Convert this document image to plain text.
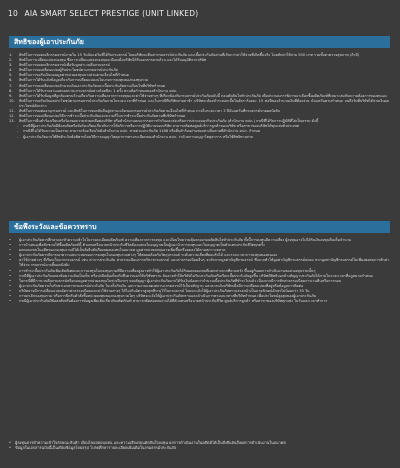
10 AIA SMART SELECT PRESTIGE (UNIT LINKED)
สิทธิของผู้เอาประกันภัย
1. สิทธิในการขอยกเลิกกรมธรรม์ภายใน 15 วันนับแต่วันที่ได้รับกรมธรรม์ โดยบริษัทจะคืนค่ากรมธรรม์ประกันภัย และเบี้ยประกันภัยส่วนที่เกินกว่าค่าใช้จ่ายที่เกิดขึ้นจริง โดยหักค่าใช้จ่าย 500 บาท รวมทั้งค่าตรวจสุขภาพ (ถ้ามี)
2. สิทธิในการเปลี่ยนแปลงกองทุน ซึ่งการเปลี่ยนแปลงกองทุนจะมีผลเมื่อบริษัทได้รับเอกสารครบถ้วน และได้รับอนุมัติจากบริษัท
3. สิทธิในการขอยกเลิกกรมธรรม์เพื่อรับมูลค่าเวนคืนกรมธรรม์
4. สิทธิในการขอเปลี่ยนแปลงผู้รับประโยชน์ตามกรมธรรม์ประกันภัย
5. สิทธิในการขอรับเงินถอนมูลค่าหน่วยลงทุนบางส่วนตามเงื่อนไขที่กำหนด
6. สิทธิในการได้รับแจ้งข้อมูลเกี่ยวกับการเปลี่ยนแปลงนโยบายการลงทุนของกองทุนรวม
7. สิทธิในการขอเปลี่ยนแปลงจำนวนเงินเอาประกันภัยและเบี้ยประกันภัยตามเงื่อนไขที่บริษัทกำหนด
8. สิทธิในการได้รับรายงานแสดงสถานะกรมธรรม์อย่างน้อยปีละ 1 ครั้ง ตามข้อกำหนดของสำนักงาน คปภ.
9. สิทธิในการได้รับข้อมูลที่ถูกต้องครบถ้วนเกี่ยวกับความเสี่ยงจากการลงทุนและค่าใช้จ่ายต่างๆ ที่เกี่ยวข้องกับกรมธรรม์ประกันภัยฉบับนี้ ก่อนตัดสินใจทำประกันภัย เพื่อประกอบการพิจารณาเลือกซื้อผลิตภัณฑ์ที่เหมาะสมกับความต้องการของตนเอง
10. สิทธิในการขอรับเงินผลประโยชน์ตามกรมธรรม์ประกันภัยภายในระยะเวลาที่กำหนด และในกรณีที่บริษัทจ่ายล่าช้า บริษัทจะต้องชำระดอกเบี้ยในอัตราร้อยละ 15 ต่อปีของจำนวนเงินที่ต้องจ่าย นับแต่วันครบกำหนด จนถึงวันที่บริษัทได้จ่ายเงินผลประโยชน์ดังกล่าว
11. สิทธิในการขอต่ออายุกรมธรรม์ และสิทธิในการขอกลับคืนสู่สถานะเดิมของกรมธรรม์ประกันภัยตามเงื่อนไขที่กำหนด ภายในระยะเวลา 3 ปีนับแต่วันที่กรมธรรม์ขาดผลบังคับ
12. สิทธิในการขอเปลี่ยนแปลงวิธีการชำระเบี้ยประกันภัยและความถี่ในการชำระเบี้ยประกันภัยตามที่บริษัทกำหนด
13. สิทธิในการยื่นคำร้องเรียนหรือร้องขอความช่วยเหลือต่อบริษัท หรือสำนักงานคณะกรรมการกำกับและส่งเสริมการประกอบธุรกิจประกันภัย (สำนักงาน คปภ.) กรณีที่ได้รับการปฏิบัติที่ไม่เป็นธรรม ดังนี้
- กรณีที่ผู้เอาประกันภัยมีข้อสงสัยหรือข้อร้องเรียนเกี่ยวกับการให้บริการหรือการปฏิบัติงานของบริษัท สามารถติดต่อศูนย์บริการลูกค้าของบริษัท หรือสาขาของบริษัทได้ทุกแห่งทั่วประเทศ
- กรณีที่ไม่ได้รับความเป็นธรรม สามารถร้องเรียนไปยังสำนักงาน คปภ. สายด่วนประกันภัย 1186 หรือยื่นคำร้องผ่านช่องทางอื่นตามที่สำนักงาน คปภ. กำหนด
- ผู้เอาประกันภัยอาจใช้สิทธิระงับข้อพิพาทโดยวิธีการอนุญาโตตุลาการตามระเบียบของสำนักงาน คปภ. ว่าด้วยการอนุญาโตตุลาการ หรือใช้สิทธิทางศาล
ข้อพึงระวังและข้อควรทราบ
• ผู้เอาประกันภัยควรศึกษาและทำความเข้าใจในรายละเอียดผลิตภัณฑ์ ความเสี่ยงจากการลงทุน และเงื่อนไขความคุ้มครองก่อนตัดสินใจทำประกันภัย ทั้งนี้การลงทุนมีความเสี่ยง ผู้ลงทุนอาจไม่ได้รับเงินลงทุนคืนเต็มจำนวน
• การนำเสนอเพื่อชักชวนให้ซื้อผลิตภัณฑ์นี้ ตัวแทนหรือนายหน้าประกันชีวิตต้องแสดงใบอนุญาตเป็นผู้แนะนำการลงทุนและใบอนุญาตเป็นตัวแทนประกันชีวิตทุกครั้ง
• ผลตอบแทนในอดีตของกองทุนรวมมิได้เป็นสิ่งยืนยันถึงผลตอบแทนในอนาคต มูลค่าหน่วยลงทุนอาจเพิ่มขึ้นหรือลดลงได้ตามสภาวะตลาด
• ผู้เอาประกันภัยควรพิจารณาความเหมาะสมของการลงทุนในกองทุนรวมต่างๆ ให้สอดคล้องกับวัตถุประสงค์ ระดับความเสี่ยงที่ยอมรับได้ และระยะเวลาการลงทุนของตนเอง
• ค่าใช้จ่ายต่างๆ ที่เรียกเก็บจากกรมธรรม์ เช่น ค่าการประกันภัย ค่าธรรมเนียมการบริหารกรมธรรม์ และค่าธรรมเนียมอื่นๆ จะหักจากมูลค่าบัญชีกรมธรรม์ ซึ่งอาจทำให้มูลค่าบัญชีกรมธรรม์ลดลง หากมูลค่าบัญชีกรมธรรม์ไม่เพียงพอต่อการหักค่าใช้จ่าย กรมธรรม์อาจสิ้นผลบังคับ
• การชำระเบี้ยประกันภัยเพิ่มเติมพิเศษและการลงทุนในกองทุนรวมที่มีความเสี่ยงสูงอาจทำให้ผู้เอาประกันภัยได้รับผลตอบแทนที่แตกต่างจากที่คาดหวัง ขึ้นอยู่กับผลการดำเนินงานของกองทุนรวมนั้นๆ
• กรณีที่ผู้เอาประกันภัยแถลงข้อความอันเป็นเท็จ หรือปกปิดข้อเท็จจริงซึ่งควรบอกให้บริษัททราบ อันอาจทำให้บริษัทไม่รับประกันภัยหรือเรียกเบี้ยประกันภัยสูงขึ้น บริษัทมีสิทธิบอกล้างสัญญาประกันภัยได้ภายในระยะเวลาที่กฎหมายกำหนด
• ในกรณีที่มีการเวนคืนกรมธรรม์หรือถอนมูลค่าหน่วยลงทุนในช่วงปีแรกๆ ของสัญญา ผู้เอาประกันภัยอาจได้รับเงินน้อยกว่าจำนวนเบี้ยประกันภัยที่ชำระไปแล้ว เนื่องจากมีการหักค่าธรรมเนียมการเวนคืนหรือการถอน
• ผู้เอาประกันภัยควรเก็บรักษาเอกสารกรมธรรม์ประกันภัย ใบเสร็จรับเงิน และรายงานแสดงสถานะกรมธรรม์ไว้เป็นหลักฐาน และควรแจ้งบริษัทเมื่อมีการเปลี่ยนแปลงที่อยู่หรือข้อมูลการติดต่อ
• บริษัทอาจมีการเปลี่ยนแปลงอัตราค่าธรรมเนียมและค่าใช้จ่ายต่างๆ ได้ไม่เกินอัตราสูงสุดที่ระบุไว้ในกรมธรรม์ โดยจะแจ้งให้ผู้เอาประกันภัยทราบล่วงหน้าเป็นลายลักษณ์อักษรไม่น้อยกว่า 30 วัน
• การยกเลิกกองทุนรวม หรือการปิดรับคำสั่งซื้อหน่วยลงทุนของกองทุนรวมใดๆ บริษัทจะแจ้งให้ผู้เอาประกันภัยทราบและดำเนินการตามแนวทางที่บริษัทกำหนด เพื่อประโยชน์สูงสุดของผู้เอาประกันภัย
• กรณีผู้เอาประกันภัยมีข้อสงสัยหรือต้องการข้อมูลเพิ่มเติมเกี่ยวกับผลิตภัณฑ์ สามารถติดต่อสอบถามได้ที่ตัวแทนหรือนายหน้าประกันชีวิต ศูนย์บริการลูกค้า หรือสาขาของบริษัททุกแห่ง ในวันและเวลาทำการ
* ผู้ลงทุนควรทำความเข้าใจลักษณะสินค้า เงื่อนไขผลตอบแทน และความเสี่ยงก่อนตัดสินใจลงทุน ผลการดำเนินงานในอดีตมิได้เป็นสิ่งยืนยันถึงผลการดำเนินงานในอนาคต
* ข้อมูลในเอกสารฉบับนี้เป็นเพียงข้อมูลโดยสรุป โปรดศึกษารายละเอียดเพิ่มเติมในกรมธรรม์ประกันภัย
